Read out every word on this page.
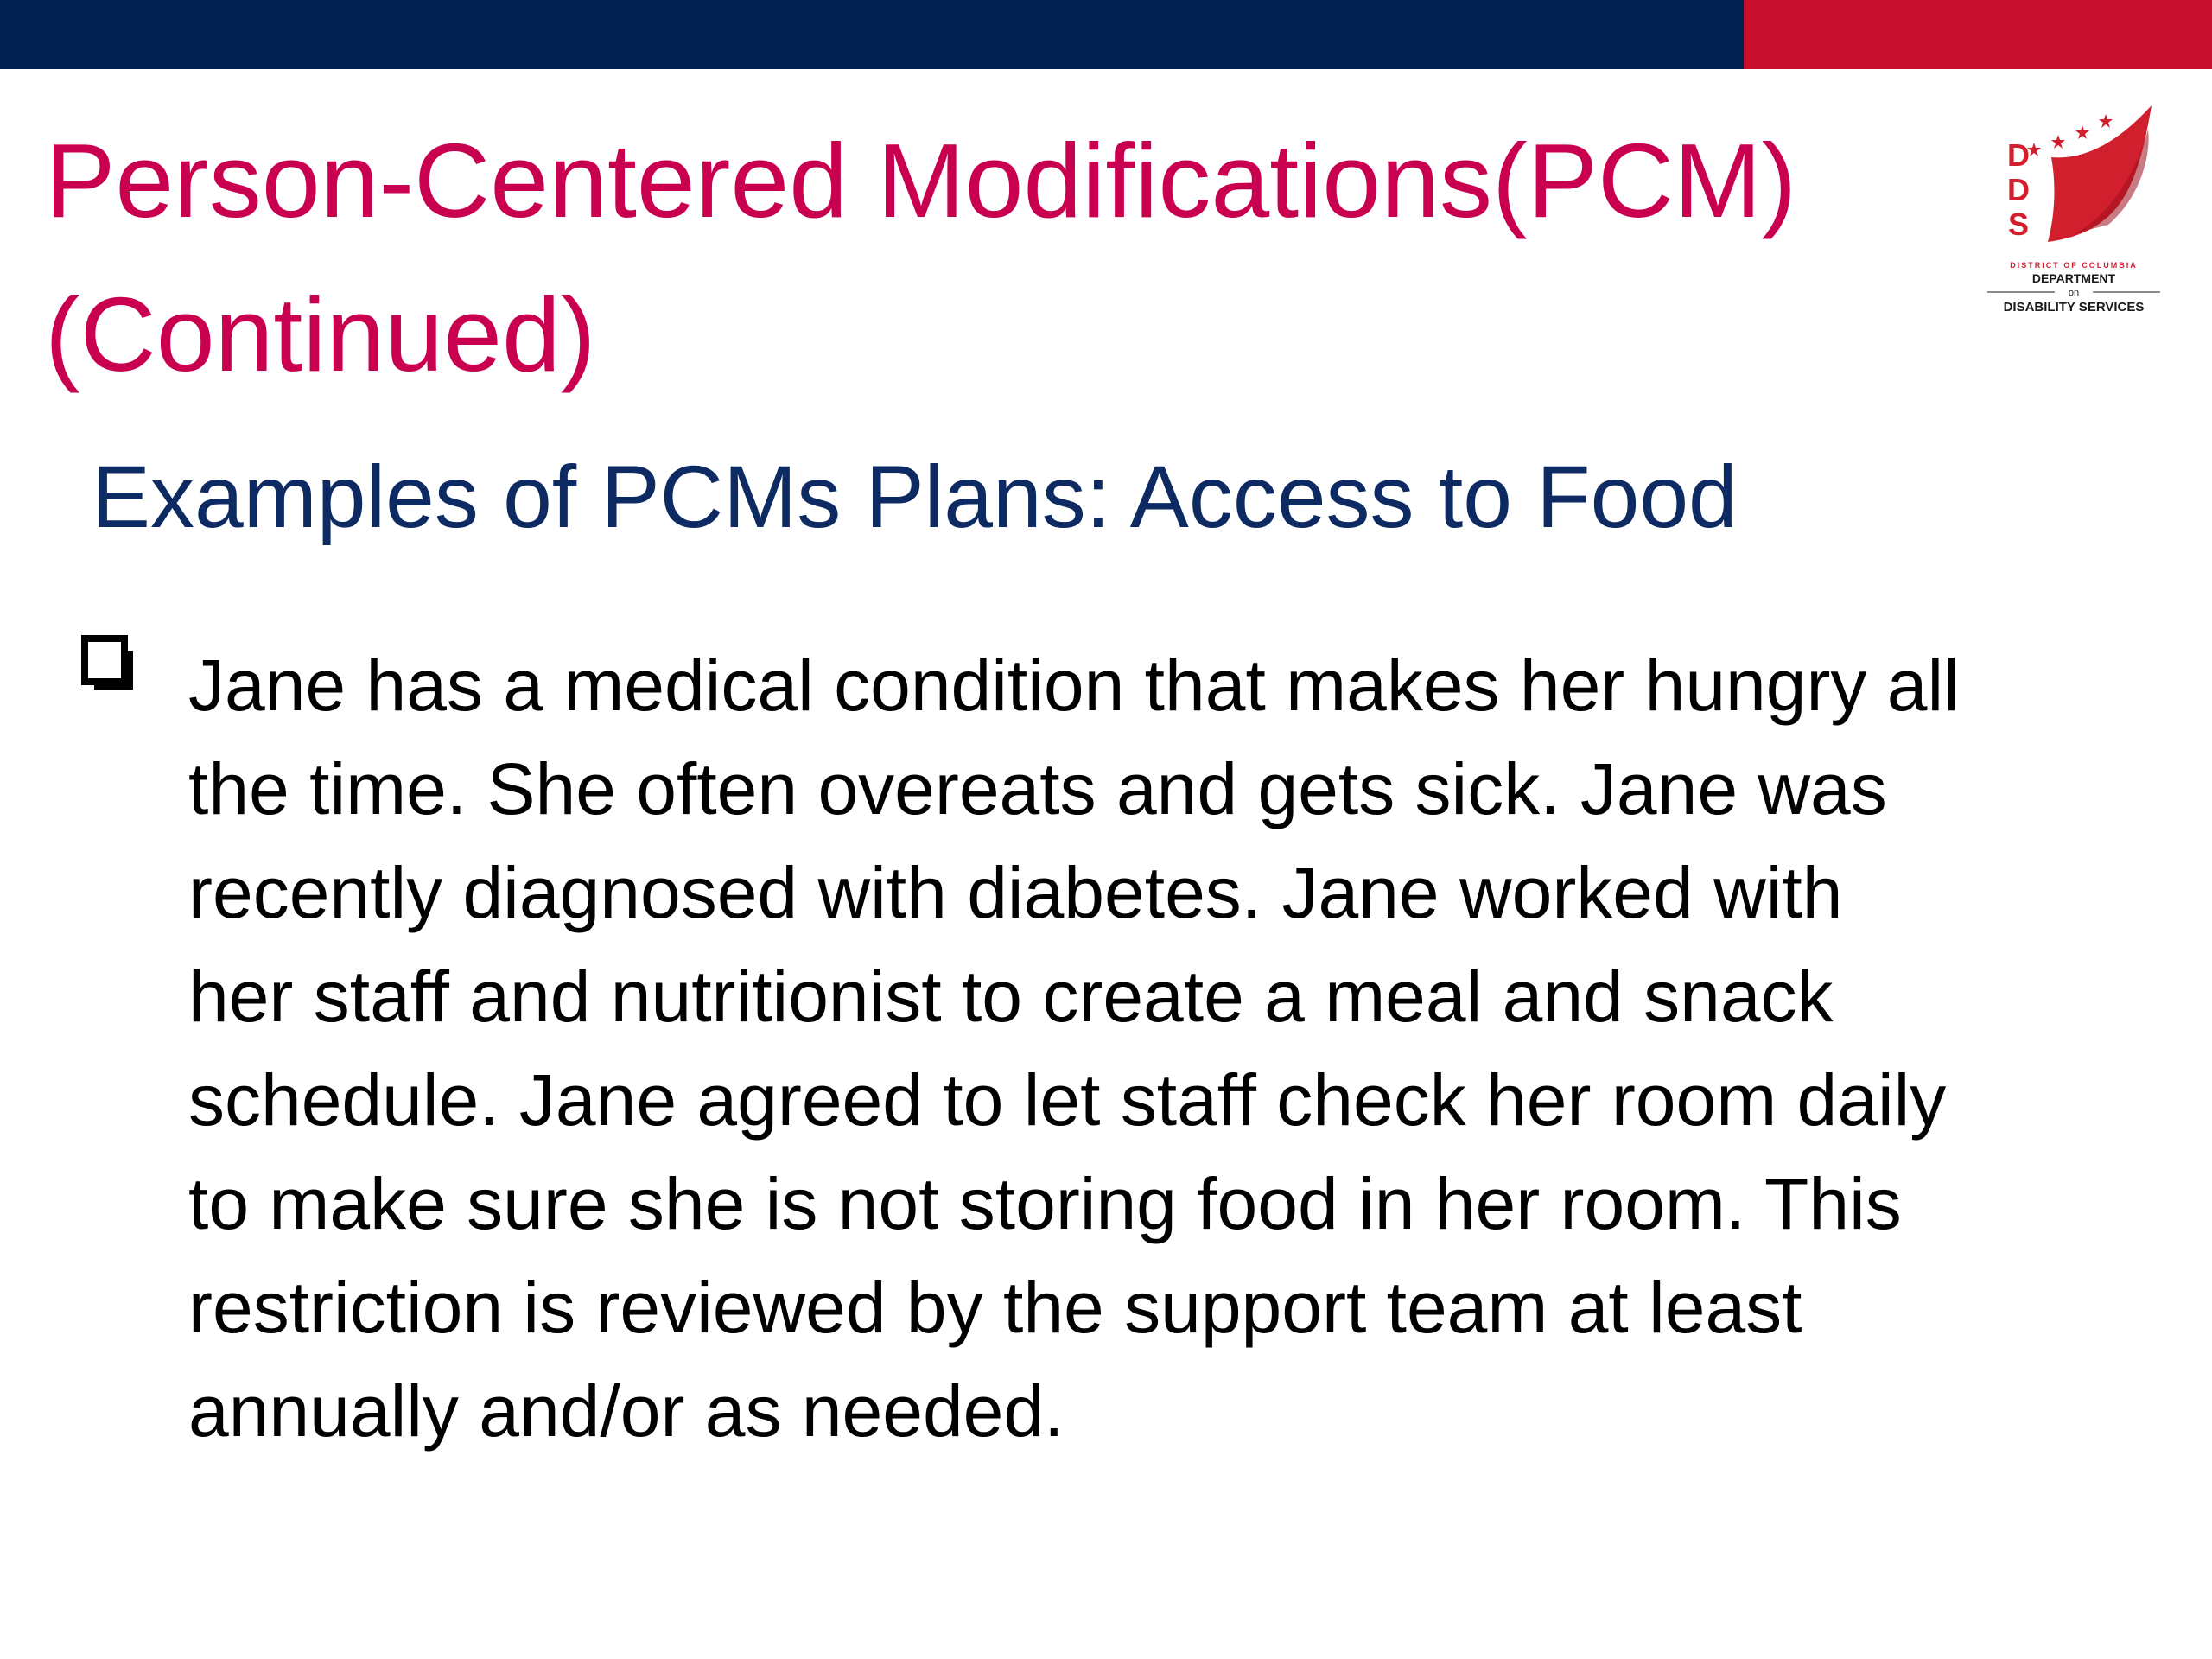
Person-Centered Modifications(PCM)
(Continued)
Examples of PCMs Plans: Access to Food
Jane has a medical condition that makes her hungry all
the time. She often overeats and gets sick. Jane was
recently diagnosed with diabetes. Jane worked with
her staff and nutritionist to create a meal and snack
schedule. Jane agreed to let staff check her room daily
to make sure she is not storing food in her room. This
restriction is reviewed by the support team at least
annually and/or as needed.
D
D
S
DISTRICT OF COLUMBIA
DEPARTMENT
on
DISABILITY SERVICES
